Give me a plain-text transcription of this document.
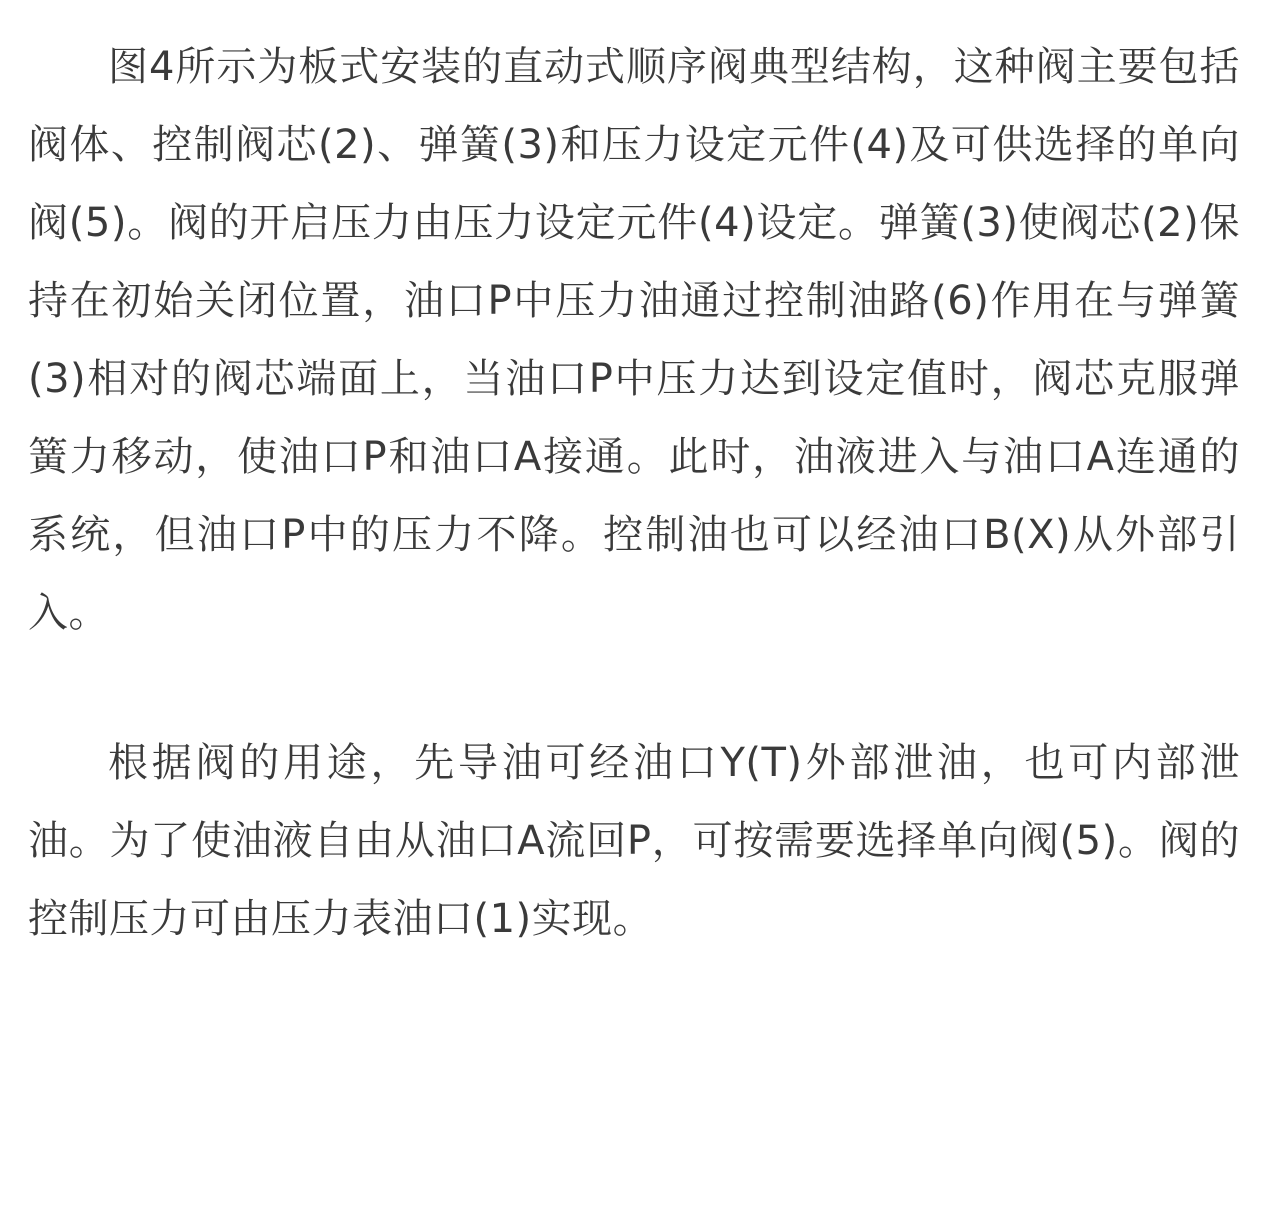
图4所示为板式安装的直动式顺序阀典型结构，这种阀主要包括阀体、控制阀芯(2)、弹簧(3)和压力设定元件(4)及可供选择的单向阀(5)。阀的开启压力由压力设定元件(4)设定。弹簧(3)使阀芯(2)保持在初始关闭位置，油口P中压力油通过控制油路(6)作用在与弹簧(3)相对的阀芯端面上，当油口P中压力达到设定值时，阀芯克服弹簧力移动，使油口P和油口A接通。此时，油液进入与油口A连通的系统，但油口P中的压力不降。控制油也可以经油口B(X)从外部引入。

根据阀的用途，先导油可经油口Y(T)外部泄油，也可内部泄油。为了使油液自由从油口A流回P，可按需要选择单向阀(5)。阀的控制压力可由压力表油口(1)实现。
